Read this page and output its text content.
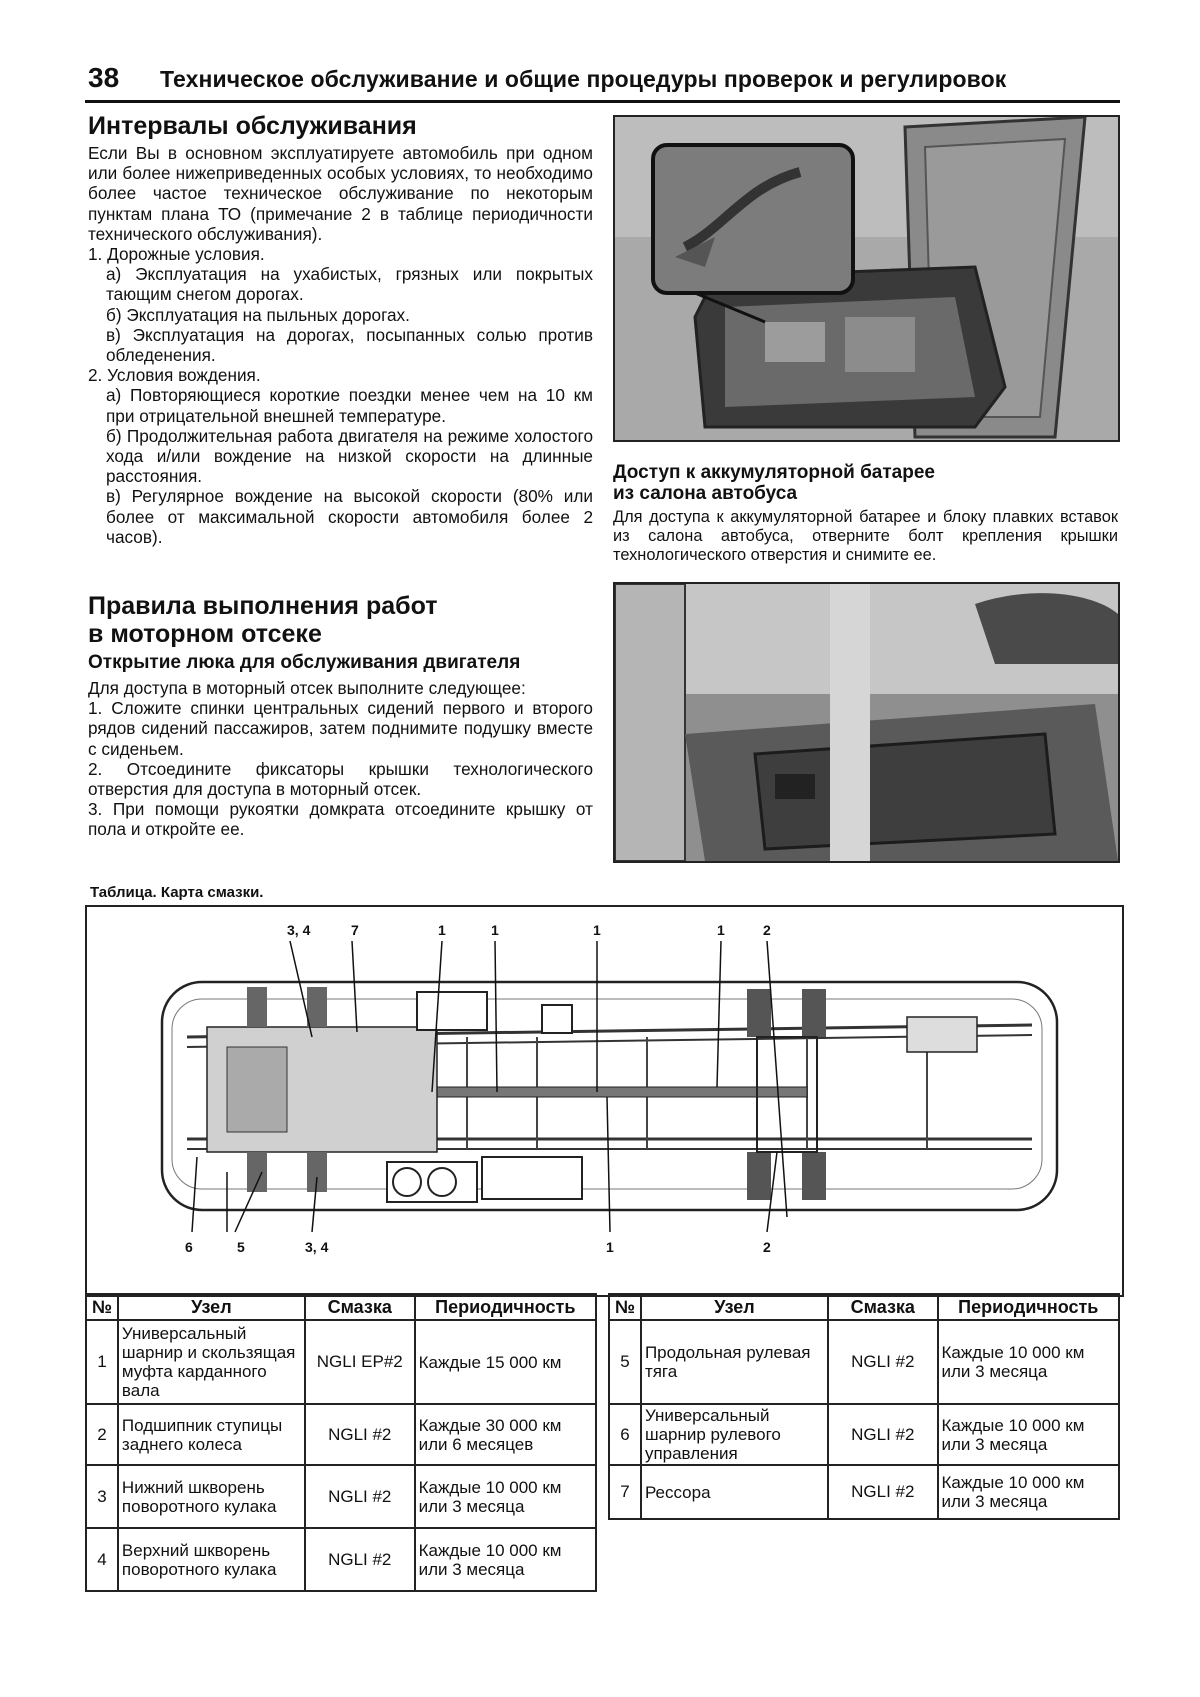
38 Техническое обслуживание и общие процедуры проверок и регулировок
Интервалы обслуживания

Если Вы в основном эксплуатируете автомобиль при одном или более нижеприведенных особых условиях, то необходимо более частое техническое обслуживание по некоторым пунктам плана ТО (примечание 2 в таблице периодичности технического обслуживания).

1. Дорожные условия.

а) Эксплуатация на ухабистых, грязных или покрытых тающим снегом дорогах.

б) Эксплуатация на пыльных дорогах.

в) Эксплуатация на дорогах, посыпанных солью против обледенения.

2. Условия вождения.

а) Повторяющиеся короткие поездки менее чем на 10 км при отрицательной внешней температуре.

б) Продолжительная работа двигателя на режиме холостого хода и/или вождение на низкой скорости на длинные расстояния.

в) Регулярное вождение на высокой скорости (80% или более от максимальной скорости автомобиля более 2 часов).

Правила выполнения работ
в моторном отсеке
Открытие люка для обслуживания двигателя

Для доступа в моторный отсек выполните следующее:

1. Сложите спинки центральных сидений первого и второго рядов сидений пассажиров, затем поднимите подушку вместе с сиденьем.

2. Отсоедините фиксаторы крышки технологического отверстия для доступа в моторный отсек.

3. При помощи рукоятки домкрата отсоедините крышку от пола и откройте ее.

Доступ к аккумуляторной батарее
из салона автобуса
Для доступа к аккумуляторной батарее и блоку плавких вставок из салона автобуса, отверните болт крепления крышки технологического отверстия и снимите ее.
Таблица. Карта смазки.
3, 4	7	1	1	1	1	2
6	5	3, 4	1	2
№	Узел	Смазка	Периодичность
1	Универсальный шарнир и скользящая муфта карданного вала	NGLI EP#2	Каждые 15 000 км
2	Подшипник ступицы заднего колеса	NGLI #2	Каждые 30 000 км или 6 месяцев
3	Нижний шкворень поворотного кулака	NGLI #2	Каждые 10 000 км или 3 месяца
4	Верхний шкворень поворотного кулака	NGLI #2	Каждые 10 000 км или 3 месяца
№	Узел	Смазка	Периодичность
5	Продольная рулевая тяга	NGLI #2	Каждые 10 000 км или 3 месяца
6	Универсальный шарнир рулевого управления	NGLI #2	Каждые 10 000 км или 3 месяца
7	Рессора	NGLI #2	Каждые 10 000 км или 3 месяца
